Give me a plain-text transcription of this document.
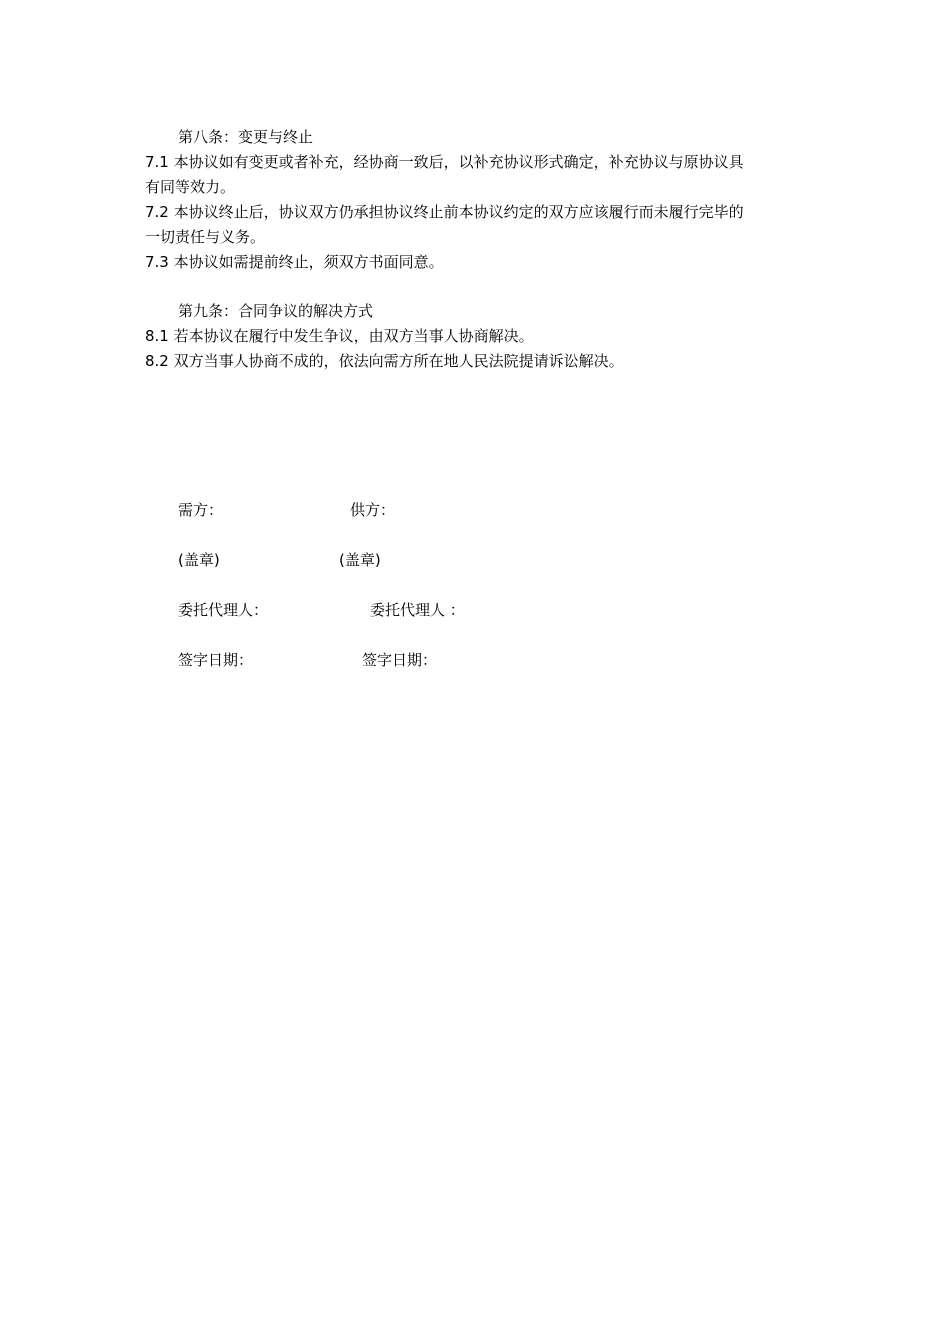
第八条：变更与终止
7.1 本协议如有变更或者补充，经协商一致后，以补充协议形式确定，补充协议与原协议具
有同等效力。
7.2 本协议终止后，协议双方仍承担协议终止前本协议约定的双方应该履行而未履行完毕的
一切责任与义务。
7.3 本协议如需提前终止，须双方书面同意。
第九条：合同争议的解决方式
8.1 若本协议在履行中发生争议，由双方当事人协商解决。
8.2 双方当事人协商不成的，依法向需方所在地人民法院提请诉讼解决。
需方：	供方：
(盖章)	(盖章)
委托代理人：	委托代理人 ：
签字日期：	签字日期：
